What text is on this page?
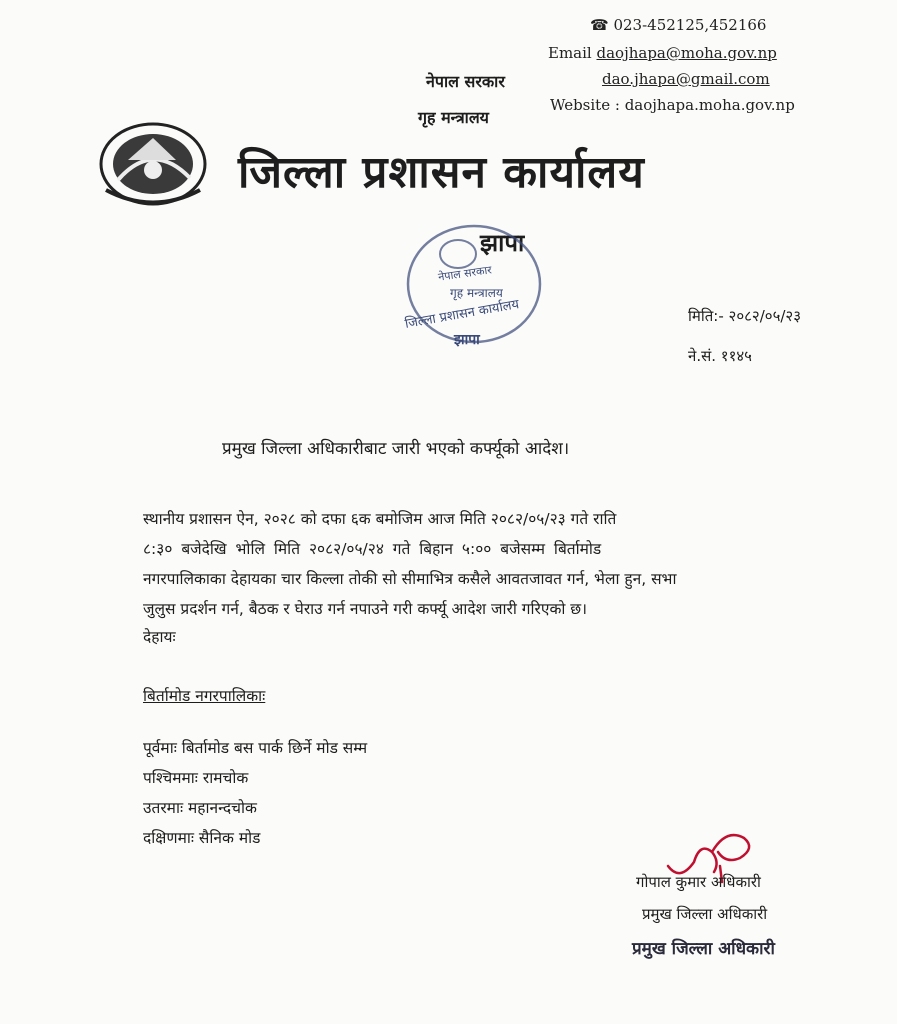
☎ 023-452125,452166
Email daojhapa@moha.gov.np
dao.jhapa@gmail.com
Website : daojhapa.moha.gov.np
नेपाल सरकार
गृह मन्त्रालय
जिल्ला प्रशासन कार्यालय
झापा
नेपाल सरकार
गृह मन्त्रालय
जिल्ला प्रशासन कार्यालय
झापा
मिति:- २०८२/०५/२३
ने.सं. ११४५
प्रमुख जिल्ला अधिकारीबाट जारी भएको कर्फ्यूको आदेश।
स्थानीय प्रशासन ऐन, २०२८ को दफा ६क बमोजिम आज मिति २०८२/०५/२३ गते राति
८:३० बजेदेखि भोलि मिति २०८२/०५/२४ गते बिहान ५:०० बजेसम्म बिर्तामोड
नगरपालिकाका देहायका चार किल्ला तोकी सो सीमाभित्र कसैले आवतजावत गर्न, भेला हुन, सभा
जुलुस प्रदर्शन गर्न, बैठक र घेराउ गर्न नपाउने गरी कर्फ्यू आदेश जारी गरिएको छ।
देहायः
बिर्तामोड नगरपालिकाः
पूर्वमाः बिर्तामोड बस पार्क छिर्ने मोड सम्म
पश्चिममाः रामचोक
उतरमाः महानन्दचोक
दक्षिणमाः सैनिक मोड
गोपाल कुमार अधिकारी
प्रमुख जिल्ला अधिकारी
प्रमुख जिल्ला अधिकारी
